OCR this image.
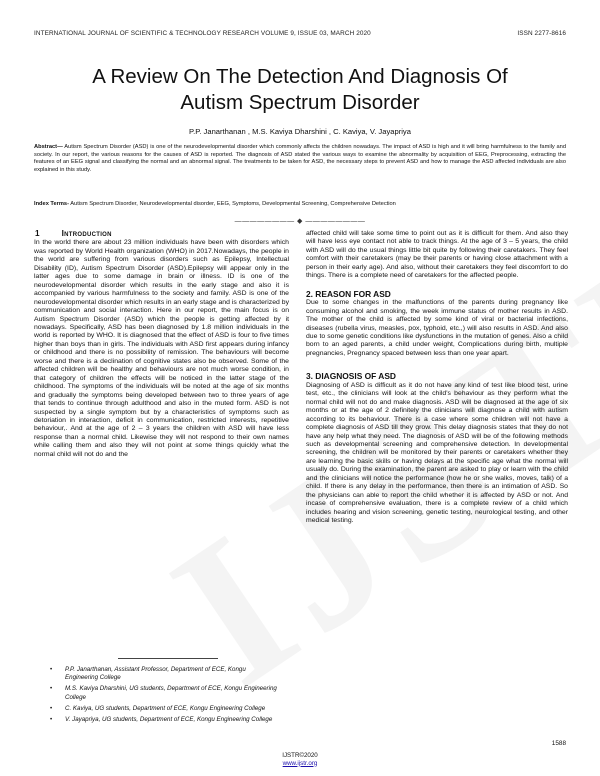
INTERNATIONAL JOURNAL OF SCIENTIFIC & TECHNOLOGY RESEARCH VOLUME 9, ISSUE 03, MARCH 2020	ISSN 2277-8616
A Review On The Detection And Diagnosis Of
Autism Spectrum Disorder
P.P. Janarthanan , M.S. Kaviya Dharshini , C. Kaviya, V. Jayapriya
Abstract— Autism Spectrum Disorder (ASD) is one of the neurodevelopmental disorder which commonly affects the children nowadays. The impact of ASD is high and it will bring harmfulness to the family and society. In our report, the various reasons for the causes of ASD is reported. The diagnosis of ASD stated the various ways to examine the abnormality by acquisition of EEG, Preprocessing, extracting the features of an EEG signal and classifying the normal and an abnormal signal. The treatments to be taken for ASD, the necessary steps to prevent ASD and how to manage the ASD affected individuals are also explained in this study.
Index Terms- Autism Spectrum Disorder, Neurodevelopmental disorder, EEG, Symptoms, Developmental Screening, Comprehensive Detection
———————— ◆ ————————
1	Introduction

In the world there are about 23 million individuals have been with disorders which was reported by World Health organization (WHO) in 2017.Nowadays, the people in the world are suffering from various disorders such as Epilepsy, Intellectual Disability (ID), Autism Spectrum Disorder (ASD).Epilepsy will appear only in the latter ages due to some damage in brain or illness. ID is one of the neurodevelopmental disorder which results in the early stage and also it is accompanied by various harmfulness to the society and family. ASD is one of the neurodevelopmental disorder which results in an early stage and is characterized by communication and social interaction. Here in our report, the main focus is on Autism Spectrum Disorder (ASD) which the people is getting affected by it nowadays. Specifically, ASD has been diagnosed by 1.8 million individuals in the world is reported by WHO. It is diagnosed that the effect of ASD is four to five times higher than boys than in girls. The individuals with ASD first appears during infancy or childhood and there is no possibility of remission. The behaviours will become worse and there is a declination of cognitive states also be observed. Some of the affected children will be healthy and behaviours are not much worse condition, in that category of children the effects will be noticed in the latter stage of the childhood. The symptoms of the individuals will be noted at the age of six months and gradually the symptoms being developed between two to three years of age that tends to continue through adulthood and also in the muted form. ASD is not suspected by a single symptom but by a characteristics of symptoms such as detoriation in interaction, deficit in communication, restricted interests, repetitive behaviour,. And at the age of 2 – 3 years the children with ASD will have less response than a normal child. Likewise they will not respond to their own names while calling them and also they will not point at some things quickly what the normal child will not do and the

affected child will take some time to point out as it is difficult for them. And also they will have less eye contact not able to track things. At the age of 3 – 5 years, the child with ASD will do the usual things little bit quite by following their caretakers. They feel comfort with their caretakers (may be their parents or having close attachment with a person in their early age). And also, without their caretakers they feel discomfort to do things. There is a complete need of caretakers for the affected people.

2. REASON FOR ASD

Due to some changes in the malfunctions of the parents during pregnancy like consuming alcohol and smoking, the week immune status of mother results in ASD. The mother of the child is affected by some kind of viral or bacterial infections, diseases (rubella virus, measles, pox, typhoid, etc.,) will also results in ASD. And also due to some genetic conditions like dysfunctions in the mutation of genes. Also a child born to an aged parents, a child under weight, Complications during birth, multiple pregnancies, Pregnancy spaced between less than one year apart.

3. DIAGNOSIS OF ASD

Diagnosing of ASD is difficult as it do not have any kind of test like blood test, urine test, etc., the clinicians will look at the child's behaviour as they perform what the normal child will not do and make diagnosis. ASD will be diagnosed at the age of six months or at the age of 2 definitely the clinicians will diagnose a child with autism according to its behaviour. There is a case where some children will not have a complete diagnosis of ASD till they grow. This delay diagnosis states that they do not have any help what they need. The diagnosis of ASD will be of the following methods such as developmental screening and comprehensive detection. In developmental screening, the children will be monitored by their parents or caretakers whether they are learning the basic skills or having delays at the specific age what the normal will usually do. During the examination, the parent are asked to play or learn with the child and the clinicians will notice the performance (how he or she walks, moves, talk) of a child. If there is any delay in the performance, then there is an intimation of ASD. So the physicians can able to report the child whether it is affected by ASD or not. And incase of comprehensive evaluation, there is a complete review of a child which includes hearing and vision screening, genetic testing, neurological testing, and other medical testing.

• P.P. Janarthanan, Assistant Professor, Department of ECE, Kongu Engineering College
• M.S. Kaviya Dharshini, UG students, Department of ECE, Kongu Engineering College
• C. Kaviya, UG students, Department of ECE, Kongu Engineering College
• V. Jayapriya, UG students, Department of ECE, Kongu Engineering College
1588
IJSTR©2020
www.ijstr.org
